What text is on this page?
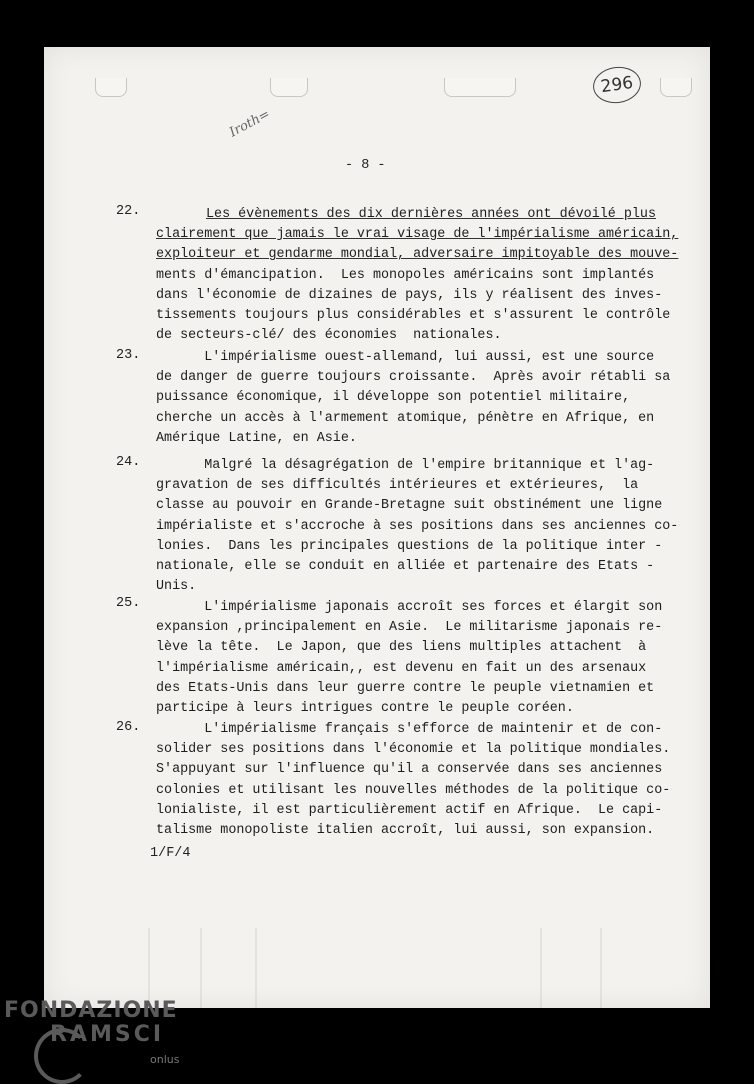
296
Iroth=
- 8 -
22.	Les évènements des dix dernières années ont dévoilé plus
clairement que jamais le vrai visage de l'impérialisme américain,
exploiteur et gendarme mondial, adversaire impitoyable des mouve-
ments d'émancipation.  Les monopoles américains sont implantés
dans l'économie de dizaines de pays, ils y réalisent des inves-
tissements toujours plus considérables et s'assurent le contrôle
de secteurs-clé/ des économies  nationales.
23. L'impérialisme ouest-allemand, lui aussi, est une source
de danger de guerre toujours croissante.  Après avoir rétabli sa
puissance économique, il développe son potentiel militaire,
cherche un accès à l'armement atomique, pénètre en Afrique, en
Amérique Latine, en Asie.
24. Malgré la désagrégation de l'empire britannique et l'ag-
gravation de ses difficultés intérieures et extérieures,  la
classe au pouvoir en Grande-Bretagne suit obstinément une ligne
impérialiste et s'accroche à ses positions dans ses anciennes co-
lonies.  Dans les principales questions de la politique inter -
nationale, elle se conduit en alliée et partenaire des Etats -
Unis.
25. L'impérialisme japonais accroît ses forces et élargit son
expansion ,principalement en Asie.  Le militarisme japonais re-
lève la tête.  Le Japon, que des liens multiples attachent  à
l'impérialisme américain,, est devenu en fait un des arsenaux
des Etats-Unis dans leur guerre contre le peuple vietnamien et
participe à leurs intrigues contre le peuple coréen.
26. L'impérialisme français s'efforce de maintenir et de con-
solider ses positions dans l'économie et la politique mondiales.
S'appuyant sur l'influence qu'il a conservée dans ses anciennes
colonies et utilisant les nouvelles méthodes de la politique co-
lonialiste, il est particulièrement actif en Afrique.  Le capi-
talisme monopoliste italien accroît, lui aussi, son expansion.
1/F/4
FONDAZIONE
RAMSCI
onlus
